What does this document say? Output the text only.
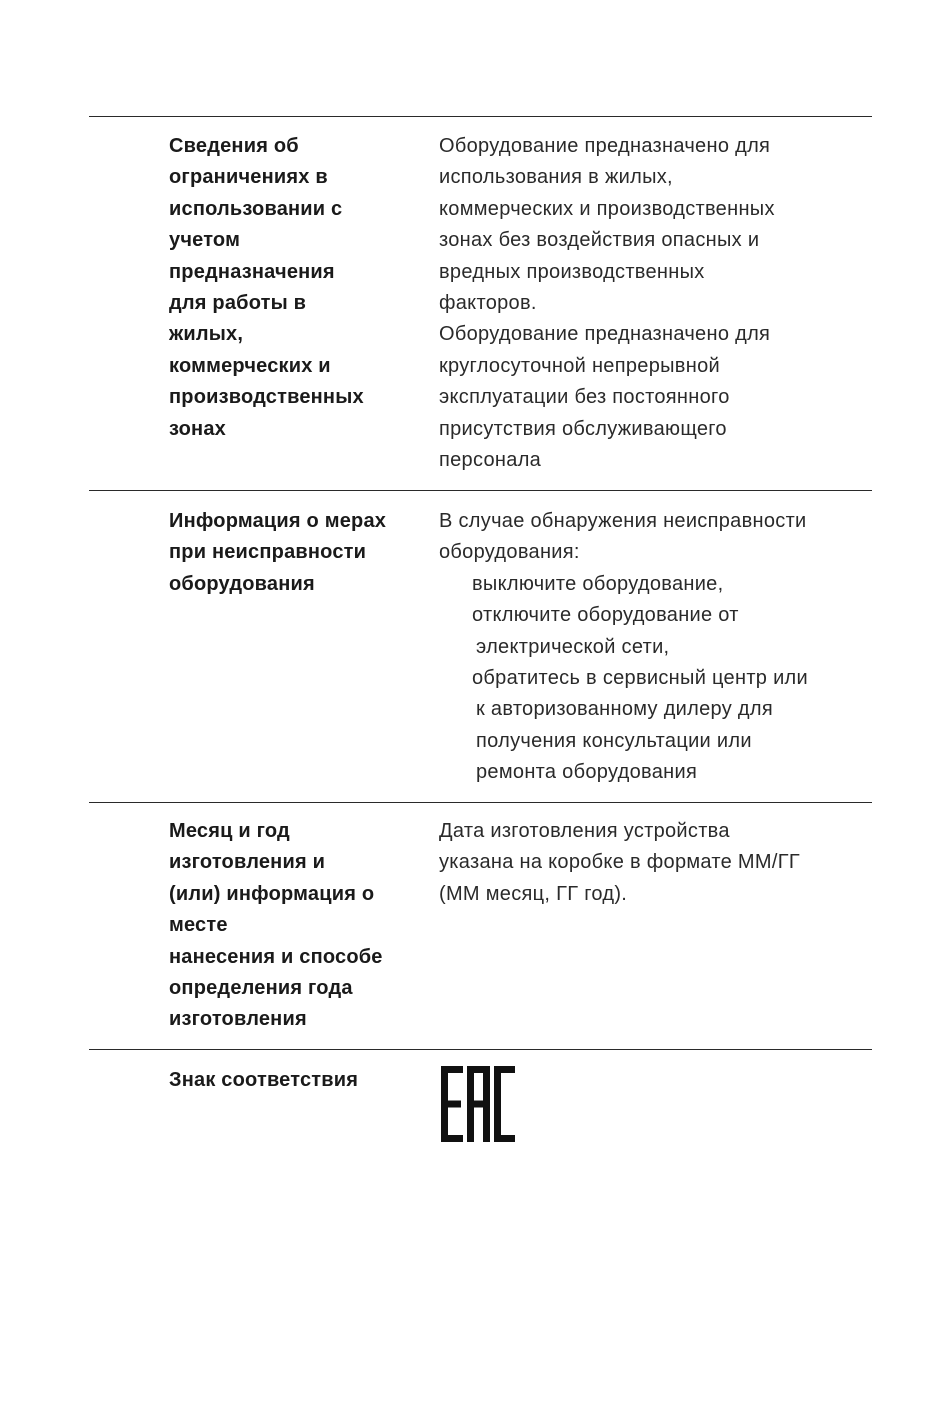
Сведения об
ограничениях в
использовании с
учетом
предназначения
для работы в
жилых,
коммерческих и
производственных
зонах
Оборудование предназначено для
использования в жилых,
коммерческих и производственных
зонах без воздействия опасных и
вредных производственных
факторов.
Оборудование предназначено для
круглосуточной непрерывной
эксплуатации без постоянного
присутствия обслуживающего
персонала
Информация о мерах
при неисправности
оборудования
В случае обнаружения неисправности
оборудования:
выключите оборудование,
отключите оборудование от
электрической сети,
обратитесь в сервисный центр или
к авторизованному дилеру для
получения консультации или
ремонта оборудования
Месяц и год
изготовления и
(или) информация о
месте
нанесения и способе
определения года
изготовления
Дата изготовления устройства
указана на коробке в формате ММ/ГГ
(ММ месяц, ГГ год).
Знак соответствия
